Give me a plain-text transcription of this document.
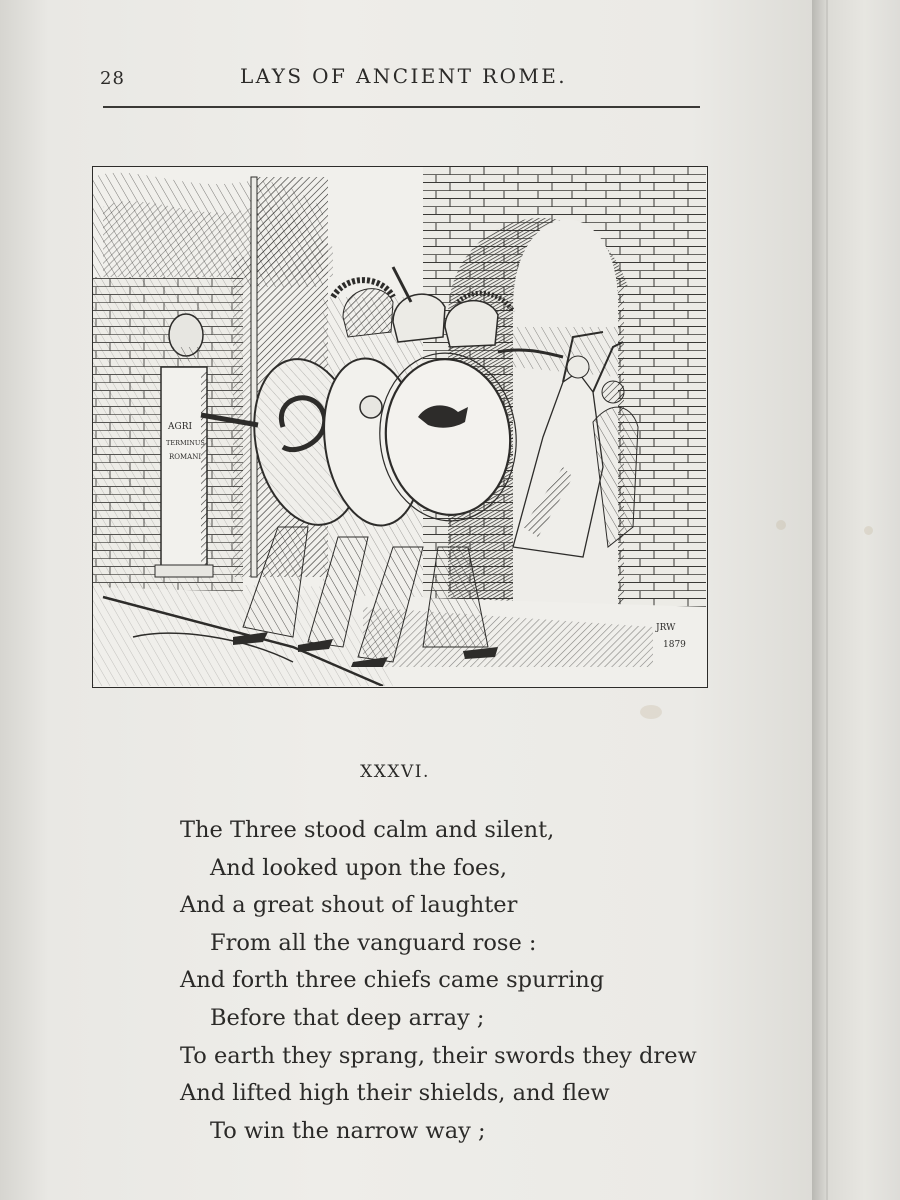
28	LAYS OF ANCIENT ROME.
AGRI
TERMINUS
ROMANI
JRW
1879
XXXVI.
The Three stood calm and silent,
And looked upon the foes,
And a great shout of laughter
From all the vanguard rose :
And forth three chiefs came spurring
Before that deep array ;
To earth they sprang, their swords they drew
And lifted high their shields, and flew
To win the narrow way ;
